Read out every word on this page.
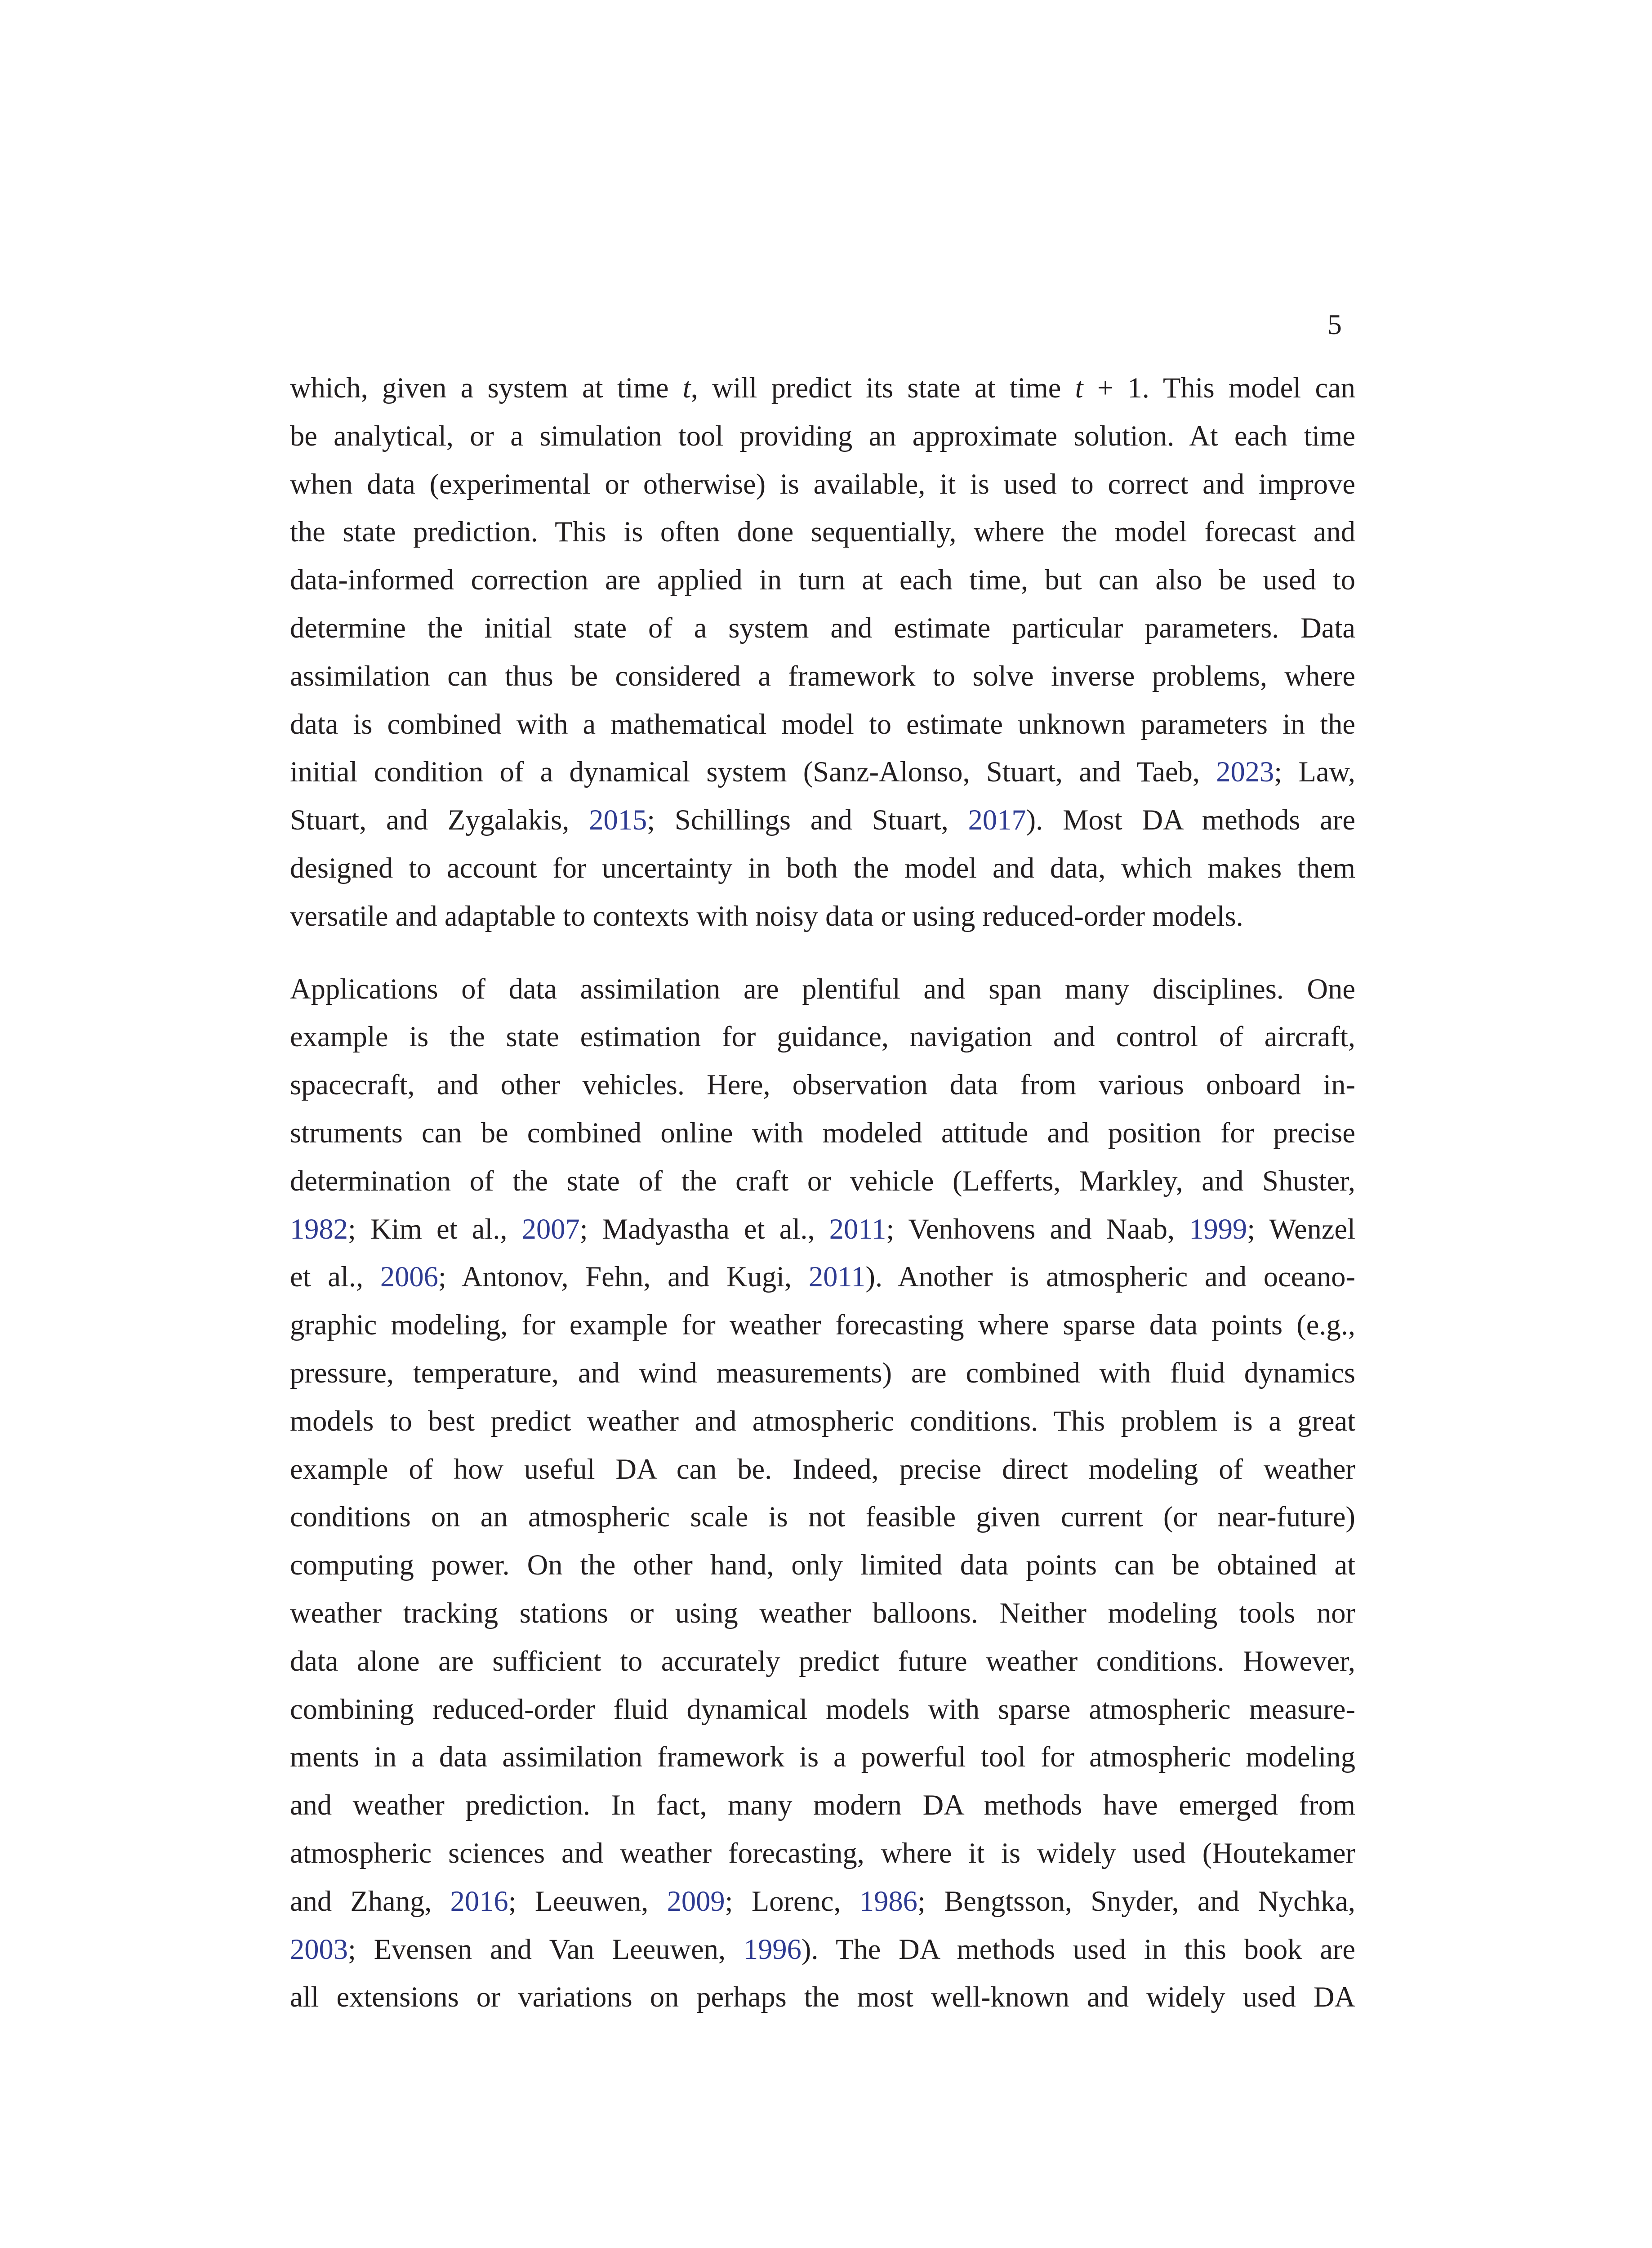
5

which, given a system at time t, will predict its state at time t + 1. This model can
be analytical, or a simulation tool providing an approximate solution. At each time
when data (experimental or otherwise) is available, it is used to correct and improve
the state prediction. This is often done sequentially, where the model forecast and
data-informed correction are applied in turn at each time, but can also be used to
determine the initial state of a system and estimate particular parameters. Data
assimilation can thus be considered a framework to solve inverse problems, where
data is combined with a mathematical model to estimate unknown parameters in the
initial condition of a dynamical system (Sanz-Alonso, Stuart, and Taeb, 2023; Law,
Stuart, and Zygalakis, 2015; Schillings and Stuart, 2017). Most DA methods are
designed to account for uncertainty in both the model and data, which makes them
versatile and adaptable to contexts with noisy data or using reduced-order models.

Applications of data assimilation are plentiful and span many disciplines. One
example is the state estimation for guidance, navigation and control of aircraft,
spacecraft, and other vehicles. Here, observation data from various onboard in-
struments can be combined online with modeled attitude and position for precise
determination of the state of the craft or vehicle (Lefferts, Markley, and Shuster,
1982; Kim et al., 2007; Madyastha et al., 2011; Venhovens and Naab, 1999; Wenzel
et al., 2006; Antonov, Fehn, and Kugi, 2011). Another is atmospheric and oceano-
graphic modeling, for example for weather forecasting where sparse data points (e.g.,
pressure, temperature, and wind measurements) are combined with fluid dynamics
models to best predict weather and atmospheric conditions. This problem is a great
example of how useful DA can be. Indeed, precise direct modeling of weather
conditions on an atmospheric scale is not feasible given current (or near-future)
computing power. On the other hand, only limited data points can be obtained at
weather tracking stations or using weather balloons. Neither modeling tools nor
data alone are sufficient to accurately predict future weather conditions. However,
combining reduced-order fluid dynamical models with sparse atmospheric measure-
ments in a data assimilation framework is a powerful tool for atmospheric modeling
and weather prediction. In fact, many modern DA methods have emerged from
atmospheric sciences and weather forecasting, where it is widely used (Houtekamer
and Zhang, 2016; Leeuwen, 2009; Lorenc, 1986; Bengtsson, Snyder, and Nychka,
2003; Evensen and Van Leeuwen, 1996). The DA methods used in this book are
all extensions or variations on perhaps the most well-known and widely used DA
